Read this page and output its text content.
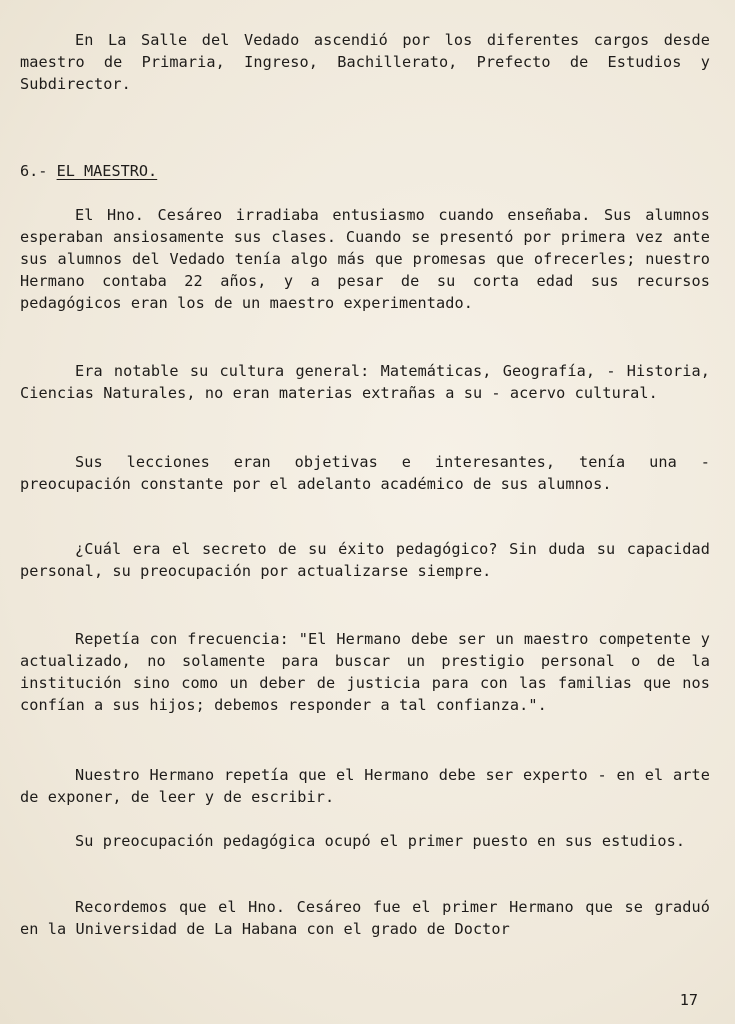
En La Salle del Vedado ascendió por los diferentes cargos desde maestro de Primaria, Ingreso, Bachillerato, Prefecto de Estudios y Subdirector.

6.- EL MAESTRO.

El Hno. Cesáreo irradiaba entusiasmo cuando enseñaba. Sus alumnos esperaban ansiosamente sus clases. Cuando se presentó por primera vez ante sus alumnos del Vedado tenía algo más que promesas que ofrecerles; nuestro Hermano contaba 22 años, y a pesar de su corta edad sus recursos pedagógicos eran los de un maestro experimentado.

Era notable su cultura general: Matemáticas, Geografía, - Historia, Ciencias Naturales, no eran materias extrañas a su - acervo cultural.

Sus lecciones eran objetivas e interesantes, tenía una - preocupación constante por el adelanto académico de sus alumnos.

¿Cuál era el secreto de su éxito pedagógico? Sin duda su capacidad personal, su preocupación por actualizarse siempre.

Repetía con frecuencia: "El Hermano debe ser un maestro competente y actualizado, no solamente para buscar un prestigio personal o de la institución sino como un deber de justicia para con las familias que nos confían a sus hijos; debemos responder a tal confianza.".

Nuestro Hermano repetía que el Hermano debe ser experto - en el arte de exponer, de leer y de escribir.

Su preocupación pedagógica ocupó el primer puesto en sus estudios.

Recordemos que el Hno. Cesáreo fue el primer Hermano que se graduó en la Universidad de La Habana con el grado de Doctor

17
